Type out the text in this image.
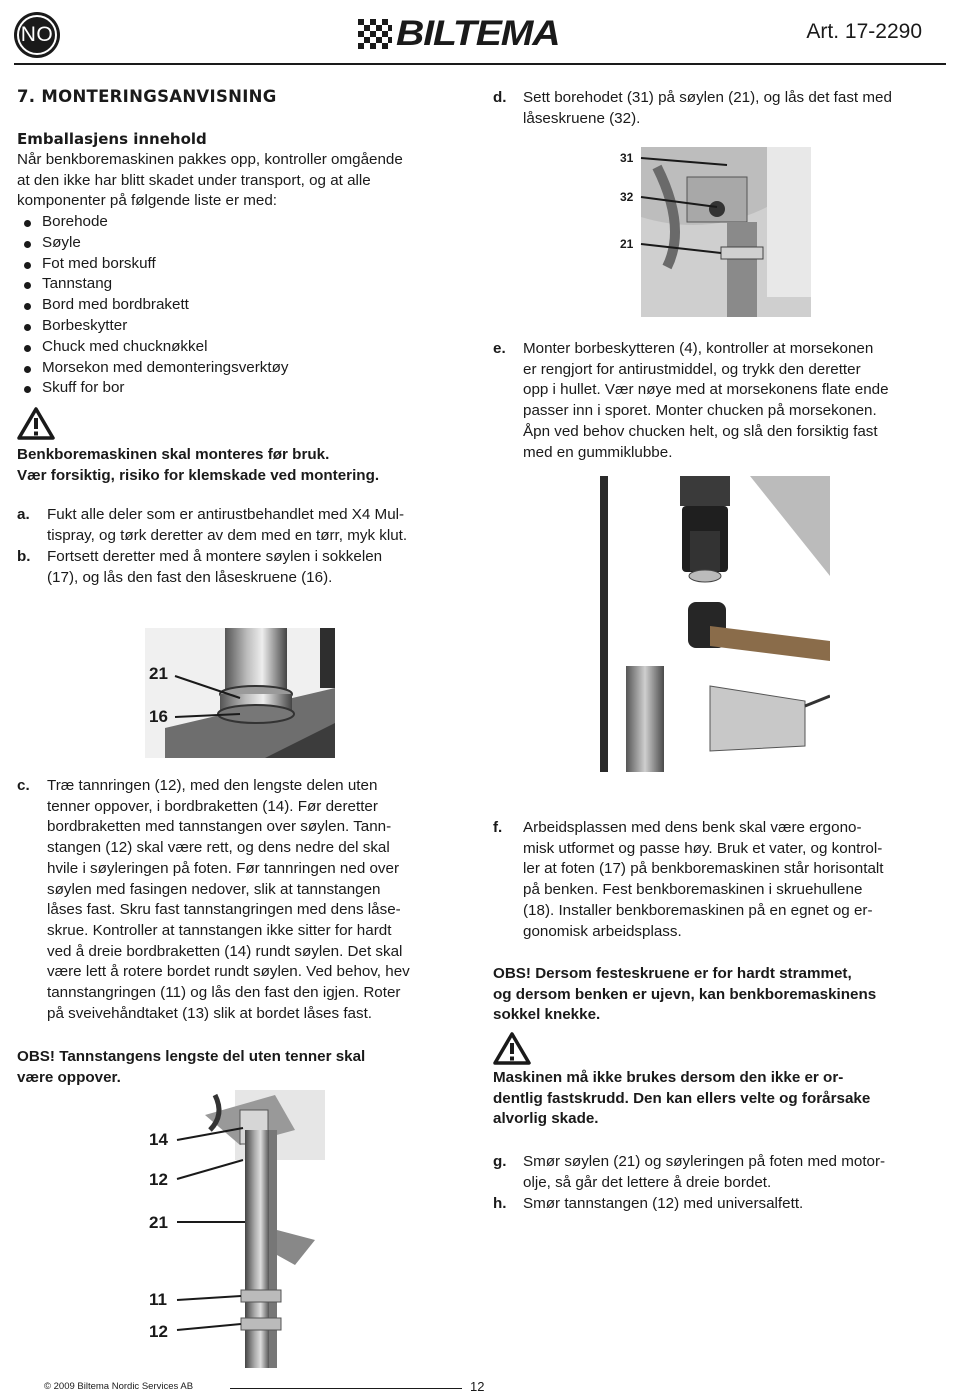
NO	BILTEMA	Art. 17-2290
7. MONTERINGSANVISNING
Emballasjens innehold
Når benkboremaskinen pakkes opp, kontroller omgående
at den ikke har blitt skadet under transport, og at alle
komponenter på følgende liste er med:
Borehode
Søyle
Fot med borskuff
Tannstang
Bord med bordbrakett
Borbeskytter
Chuck med chucknøkkel
Morsekon med demonteringsverktøy
Skuff for bor
Benkboremaskinen skal monteres før bruk.
Vær forsiktig, risiko for klemskade ved montering.
a. Fukt alle deler som er antirustbehandlet med X4 Mul-
tispray, og tørk deretter av dem med en tørr, myk klut.
b. Fortsett deretter med å montere søylen i sokkelen
(17), og lås den fast den låseskruene (16).
21
16
c. Træ tannringen (12), med den lengste delen uten
tenner oppover, i bordbraketten (14). Før deretter
bordbraketten med tannstangen over søylen. Tann-
stangen (12) skal være rett, og dens nedre del skal
hvile i søyleringen på foten. Før tannringen ned over
søylen med fasingen nedover, slik at tannstangen
låses fast. Skru fast tannstangringen med dens låse-
skrue. Kontroller at tannstangen ikke sitter for hardt
ved å dreie bordbraketten (14) rundt søylen. Det skal
være lett å rotere bordet rundt søylen. Ved behov, hev
tannstangringen (11) og lås den fast den igjen. Roter
på sveivehåndtaket (13) slik at bordet låses fast.
OBS! Tannstangens lengste del uten tenner skal
være oppover.
14
12
21
11
12
d. Sett borehodet (31) på søylen (21), og lås det fast med
låseskruene (32).
31
32
21
e. Monter borbeskytteren (4), kontroller at morsekonen
er rengjort for antirustmiddel, og trykk den deretter
opp i hullet. Vær nøye med at morsekonens flate ende
passer inn i sporet. Monter chucken på morsekonen.
Åpn ved behov chucken helt, og slå den forsiktig fast
med en gummiklubbe.
f. Arbeidsplassen med dens benk skal være ergono-
misk utformet og passe høy. Bruk et vater, og kontrol-
ler at foten (17) på benkboremaskinen står horisontalt
på benken. Fest benkboremaskinen i skruehullene
(18). Installer benkboremaskinen på en egnet og er-
gonomisk arbeidsplass.
OBS! Dersom festeskruene er for hardt strammet,
og dersom benken er ujevn, kan benkboremaskinens
sokkel knekke.
Maskinen må ikke brukes dersom den ikke er or-
dentlig fastskrudd. Den kan ellers velte og forårsake
alvorlig skade.
g. Smør søylen (21) og søyleringen på foten med motor-
olje, så går det lettere å dreie bordet.
h. Smør tannstangen (12) med universalfett.
© 2009 Biltema Nordic Services AB	12
